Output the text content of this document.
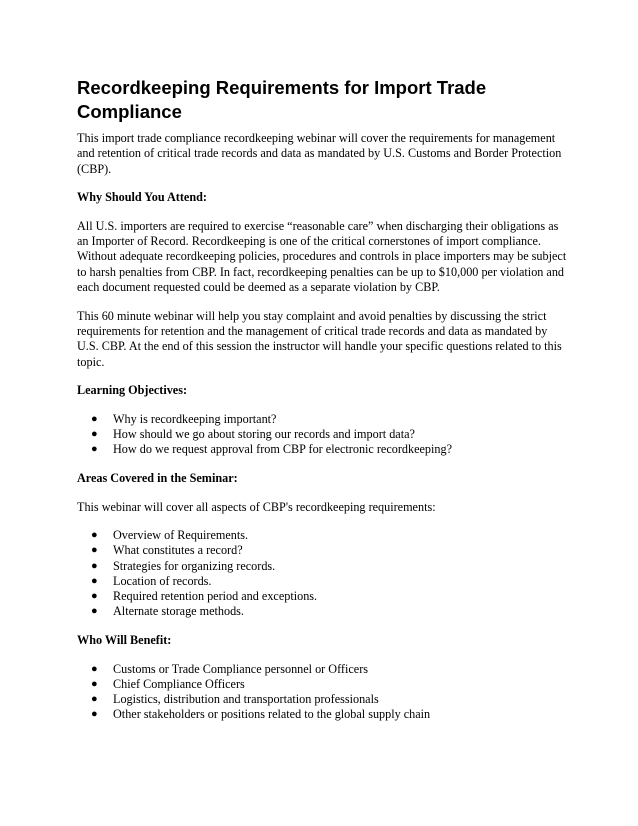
Recordkeeping Requirements for Import Trade Compliance

This import trade compliance recordkeeping webinar will cover the requirements for management and retention of critical trade records and data as mandated by U.S. Customs and Border Protection (CBP).

Why Should You Attend:

All U.S. importers are required to exercise “reasonable care” when discharging their obligations as an Importer of Record. Recordkeeping is one of the critical cornerstones of import compliance. Without adequate recordkeeping policies, procedures and controls in place importers may be subject to harsh penalties from CBP. In fact, recordkeeping penalties can be up to $10,000 per violation and each document requested could be deemed as a separate violation by CBP.

This 60 minute webinar will help you stay complaint and avoid penalties by discussing the strict requirements for retention and the management of critical trade records and data as mandated by U.S. CBP. At the end of this session the instructor will handle your specific questions related to this topic.

Learning Objectives:
● Why is recordkeeping important?
● How should we go about storing our records and import data?
● How do we request approval from CBP for electronic recordkeeping?
Areas Covered in the Seminar:

This webinar will cover all aspects of CBP's recordkeeping requirements:

● Overview of Requirements.
● What constitutes a record?
● Strategies for organizing records.
● Location of records.
● Required retention period and exceptions.
● Alternate storage methods.
Who Will Benefit:
● Customs or Trade Compliance personnel or Officers
● Chief Compliance Officers
● Logistics, distribution and transportation professionals
● Other stakeholders or positions related to the global supply chain
